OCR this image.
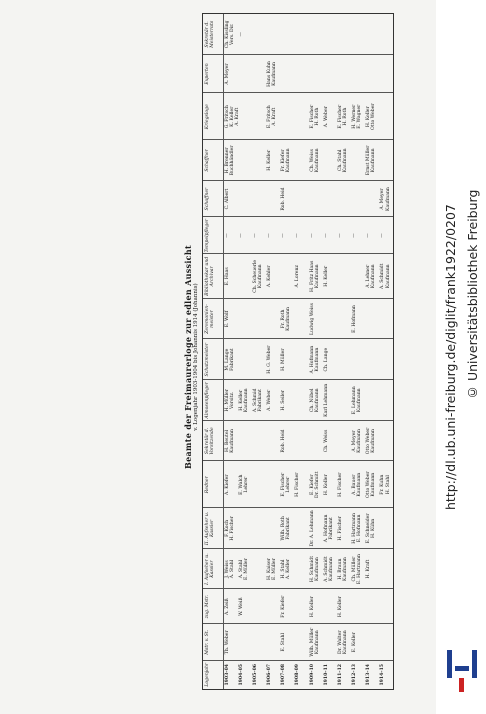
Beamte der Freimaurerloge zur edlen Aussicht v. Logenjahr 1903-1904 bis Johannis 1914 (Johannis)
Logenjahr
Mstr. v. St.
zug. Mstr.
I. Aufseher u. Kassier
II. Aufseher u. Kassier
Redner
Sekretär d. Vorsitzende
Almosenpfleger
Schatzmeister
Zeremonien-meister
Bibliothekar und Archivar
Tempelpfleger
Schaffner
Schaffner
Kriegsloge
Experten
Sekretär d. Meisterrats
1903–04
Th. Weber
A. Zeiß
J. Weiss
A. Stahl
F. Koch
H. Fischer
A. Kiefer
H. Beutel
Kaufmann
H. Müller
Vorsitz.
M. Lange
Fabrikant
E. Wolf
E. Haas
—
C. Albert
H. Brenner
Buchhändler
G. Fritsch
K. Keller
A. Kraft
A. Meyer
Ch. Kissling
Vers. Dir.
1904–05
W. Weiß
A. Stahl
E. Müller
E. Walch
Lehrer
H. Keller
Kaufmann
—
—
1905–06
A. Schmid
Fabrikant
Ch. Scheuerle
Kaufmann
—
1906–07
H. Kaiser
E. Müller
A. Weber
H. G. Weber
A. Kehler
—
H. Keller
E. Fritsch
A. Kraft
Hans Kuhn
Kaufmann
1907–08
E. Stahl
Fr. Kiefer
H. Stahl
A. Keller
Wilh. Roth
Fabrikant
E. Fischer
Lehrer
Rob. Heid
H. Seiler
H. Müller
Fr. Roth
Kaufmann
—
Rob. Heid
Fr. Kiefer
Kaufmann
1908–09
H. Fischer
A. Lorenz
—
1909–10
Wilh. Müller
Kaufmann
H. Keller
H. Schmidt
Kaufmann
Dr. A. Lehmann
E. Kiefer
Dr. Schmitt
Ch. Nübel
Kaufmann
A. Hofmann
Kaufmann
Ludwig Weiss
H. Fritz Haas
Kaufmann
—
Ch. Weiss
Kaufmann
E. Fischer
H. Roth
1910–11
A. Schmidt
Kaufmann
A. Hofmann
Fabrikant
H. Keller
Ch. Weiss
Karl Lehmann
Ch. Lange
H. Keller
—
A. Weber
1911–12
Dr. Walter
Kaufmann
H. Keller
H. Braun
Kaufmann
H. Fischer
H. Fischer
—
Ch. Stahl
Kaufmann
E. Fischer
H. Roth
1912–13
E. Keller
Ch. Müller
E. Hartmann
H. Hartmann
E. Hofmann
A. Bauer
Kaufmann
A. Meyer
Kaufmann
E. Lehmann
Kaufmann
E. Hofmann
—
H. Werner
E. Wagner
1913–14
H. Kraft
E. Schneider
H. Kühn
Otto Weber
Kaufmann
Otto Weber
Kaufmann
A. Lehner
Kaufmann
—
Ernst Müller
Kaufmann
H. Keller
Otto Weber
1914–15
Fr. Kuhn
H. Stahl
A. Schmidt
Kaufmann
—
A. Meyer
Kaufmann
http://dl.ub.uni-freiburg.de/diglit/frank1922/0207 © Universitätsbibliothek Freiburg
